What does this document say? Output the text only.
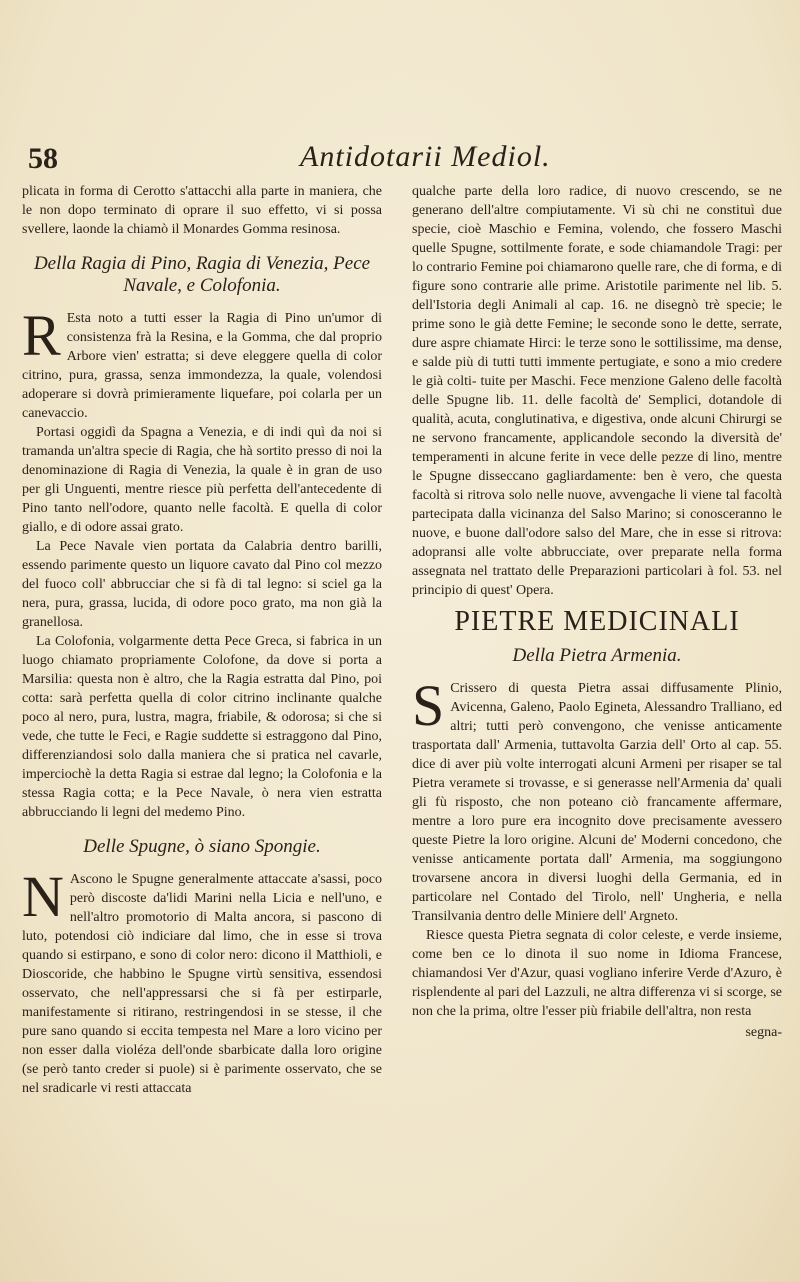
58	Antidotarii Mediol.

plicata in forma di Cerotto s'attacchi alla parte in maniera, che le non dopo terminato di oprare il suo effetto, vi si possa svellere, laonde la chiamò il Monardes Gomma resinosa.

Della Ragia di Pino, Ragia di Venezia, Pece Navale, e Colofonia.

R Esta noto a tutti esser la Ragia di Pino un'umor di consistenza frà la Resina, e la Gomma, che dal proprio Arbore vien' estratta; si deve eleggere quella di color citrino, pura, grassa, senza immondezza, la quale, volendosi adoperare si dovrà primieramente liquefare, poi colarla per un canevaccio.

Portasi oggidì da Spagna a Venezia, e di indi quì da noi si tramanda un'altra specie di Ragia, che hà sortito presso di noi la denominazione di Ragia di Venezia, la quale è in gran de uso per gli Unguenti, mentre riesce più perfetta dell'antecedente di Pino tanto nell'odore, quanto nelle facoltà. E quella di color giallo, e di odore assai grato.

La Pece Navale vien portata da Calabria dentro barilli, essendo parimente questo un liquore cavato dal Pino col mezzo del fuoco coll' abbrucciar che si fà di tal legno: si sciel ga la nera, pura, grassa, lucida, di odore poco grato, ma non già la granellosa.

La Colofonia, volgarmente detta Pece Greca, si fabrica in un luogo chiamato propriamente Colofone, da dove si porta a Marsilia: questa non è altro, che la Ragia estratta dal Pino, poi cotta: sarà perfetta quella di color citrino inclinante qualche poco al nero, pura, lustra, magra, friabile, & odorosa; si che si vede, che tutte le Feci, e Ragie suddette si estraggono dal Pino, differenziandosi solo dalla maniera che si pratica nel cavarle, imperciochè la detta Ragia si estrae dal legno; la Colofonia e la stessa Ragia cotta; e la Pece Navale, ò nera vien estratta abbrucciando li legni del medemo Pino.

Delle Spugne, ò siano Spongie.

N Ascono le Spugne generalmente attaccate a'sassi, poco però discoste da'lidi Marini nella Licia e nell'uno, e nell'altro promotorio di Malta ancora, si pascono di luto, potendosi ciò indiciare dal limo, che in esse si trova quando si estirpano, e sono di color nero: dicono il Matthioli, e Dioscoride, che habbino le Spugne virtù sensitiva, essendosi osservato, che nell'appressarsi che si fà per estirparle, manifestamente si ritirano, restringendosi in se stesse, il che pure sano quando si eccita tempesta nel Mare a loro vicino per non esser dalla violéza dell'onde sbarbicate dalla loro origine (se però tanto creder si puole) si è parimente osservato, che se nel sradicarle vi resti attaccata

qualche parte della loro radice, di nuovo crescendo, se ne generano dell'altre compiutamente. Vi sù chi ne constituì due specie, cioè Maschio e Femina, volendo, che fossero Maschi quelle Spugne, sottilmente forate, e sode chiamandole Tragi: per lo contrario Femine poi chiamarono quelle rare, che di forma, e di figure sono contrarie alle prime. Aristotile parimente nel lib. 5. dell'Istoria degli Animali al cap. 16. ne disegnò trè specie; le prime sono le già dette Femine; le seconde sono le dette, serrate, dure aspre chiamate Hirci: le terze sono le sottilissime, ma dense, e salde più di tutti tutti immente pertugiate, e sono a mio credere le già colti- tuite per Maschi. Fece menzione Galeno delle facoltà delle Spugne lib. 11. delle facoltà de' Semplici, dotandole di qualità, acuta, conglutinativa, e digestiva, onde alcuni Chirurgi se ne servono francamente, applicandole secondo la diversità de' temperamenti in alcune ferite in vece delle pezze di lino, mentre le Spugne disseccano gagliardamente: ben è vero, che questa facoltà si ritrova solo nelle nuove, avvengache li viene tal facoltà partecipata dalla vicinanza del Salso Marino; si conosceranno le nuove, e buone dall'odore salso del Mare, che in esse si ritrova: adopransi alle volte abbrucciate, over preparate nella forma assegnata nel trattato delle Preparazioni particolari à fol. 53. nel principio di quest' Opera.

PIETRE MEDICINALI
Della Pietra Armenia.

S Crissero di questa Pietra assai diffusamente Plinio, Avicenna, Galeno, Paolo Egineta, Alessandro Tralliano, ed altri; tutti però convengono, che venisse anticamente trasportata dall' Armenia, tuttavolta Garzia dell' Orto al cap. 55. dice di aver più volte interrogati alcuni Armeni per risaper se tal Pietra veramete si trovasse, e si generasse nell'Armenia da' quali gli fù risposto, che non poteano ciò francamente affermare, mentre a loro pure era incognito dove precisamente avessero queste Pietre la loro origine. Alcuni de' Moderni concedono, che venisse anticamente portata dall' Armenia, ma soggiungono trovarsene ancora in diversi luoghi della Germania, ed in particolare nel Contado del Tirolo, nell' Ungheria, e nella Transilvania dentro delle Miniere dell' Argneto.

Riesce questa Pietra segnata di color celeste, e verde insieme, come ben ce lo dinota il suo nome in Idioma Francese, chiamandosi Ver d'Azur, quasi vogliano inferire Verde d'Azuro, è risplendente al pari del Lazzuli, ne altra differenza vi si scorge, se non che la prima, oltre l'esser più friabile dell'altra, non resta

segna-
